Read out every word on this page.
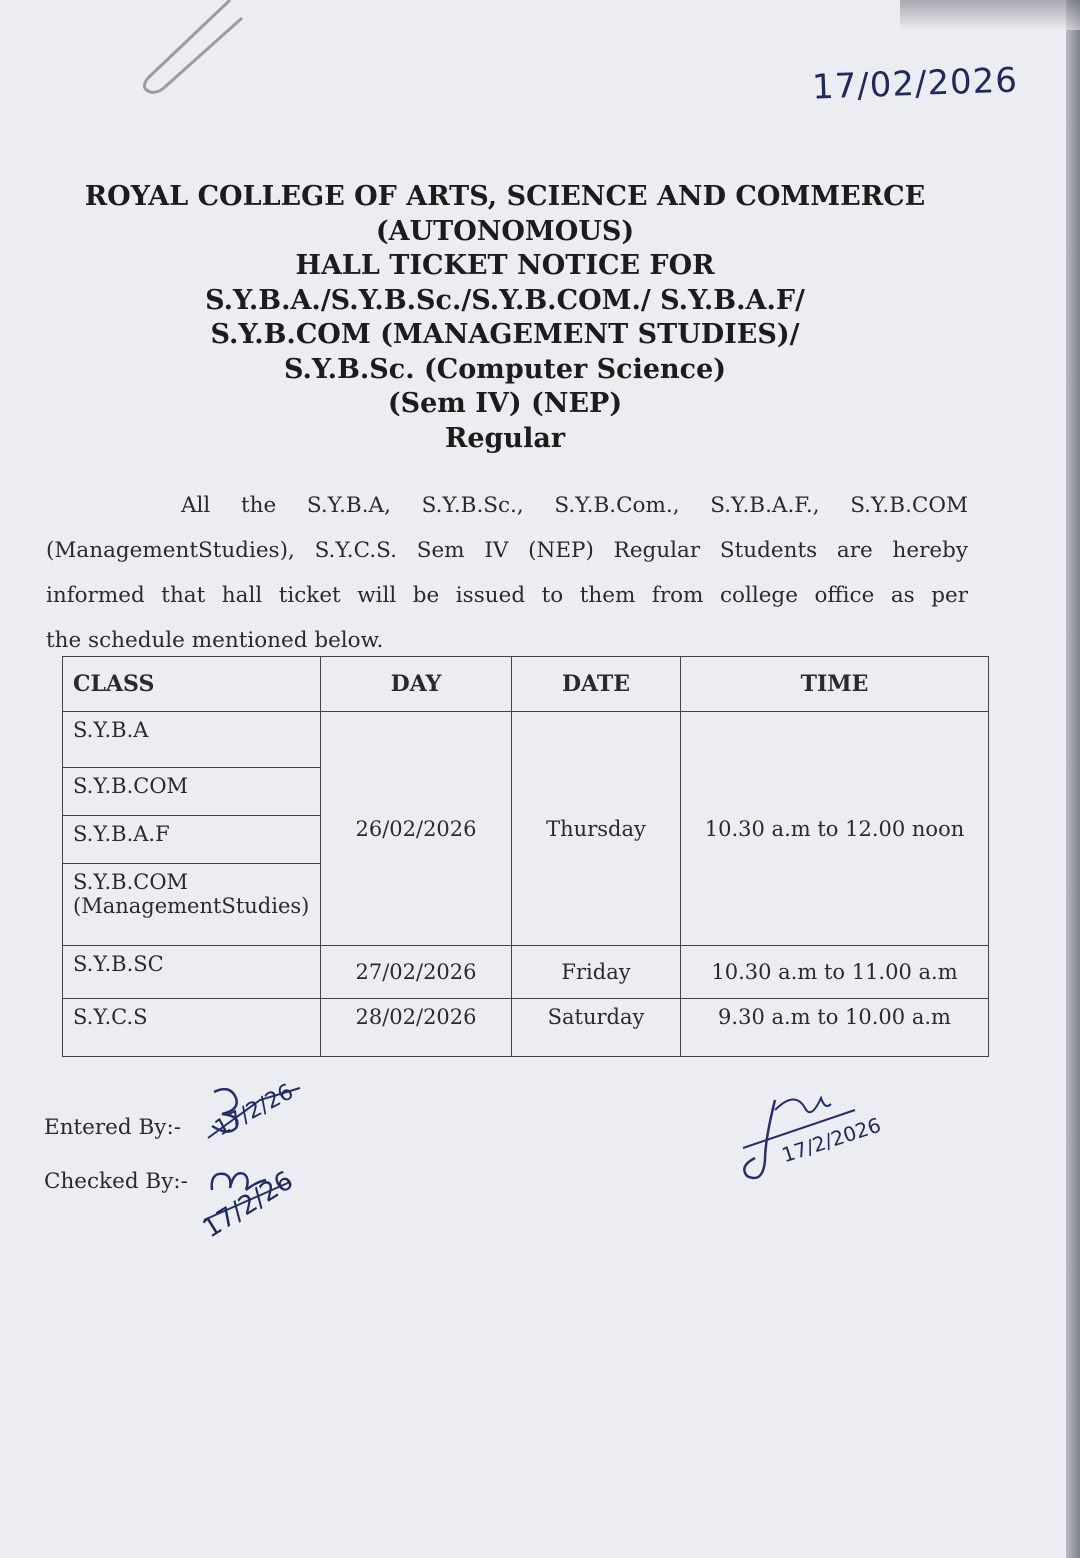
17/02/2026
ROYAL COLLEGE OF ARTS, SCIENCE AND COMMERCE
(AUTONOMOUS)
HALL TICKET NOTICE FOR
S.Y.B.A./S.Y.B.Sc./S.Y.B.COM./ S.Y.B.A.F/
S.Y.B.COM (MANAGEMENT STUDIES)/
S.Y.B.Sc. (Computer Science)
(Sem IV) (NEP)
Regular
All the S.Y.B.A, S.Y.B.Sc., S.Y.B.Com., S.Y.B.A.F., S.Y.B.COM
(ManagementStudies), S.Y.C.S. Sem IV (NEP) Regular Students are hereby
informed that hall ticket will be issued to them from college office as per
the schedule mentioned below.
CLASS	DAY	DATE	TIME
S.Y.B.A	26/02/2026	Thursday	10.30 a.m to 12.00 noon
S.Y.B.COM			
S.Y.B.A.F			
S.Y.B.COM (ManagementStudies)			
S.Y.B.SC	27/02/2026	Friday	10.30 a.m to 11.00 a.m
S.Y.C.S	28/02/2026	Saturday	9.30 a.m to 10.00 a.m
Entered By:-
Checked By:-
17/2/26
17/2/26
17/2/2026
